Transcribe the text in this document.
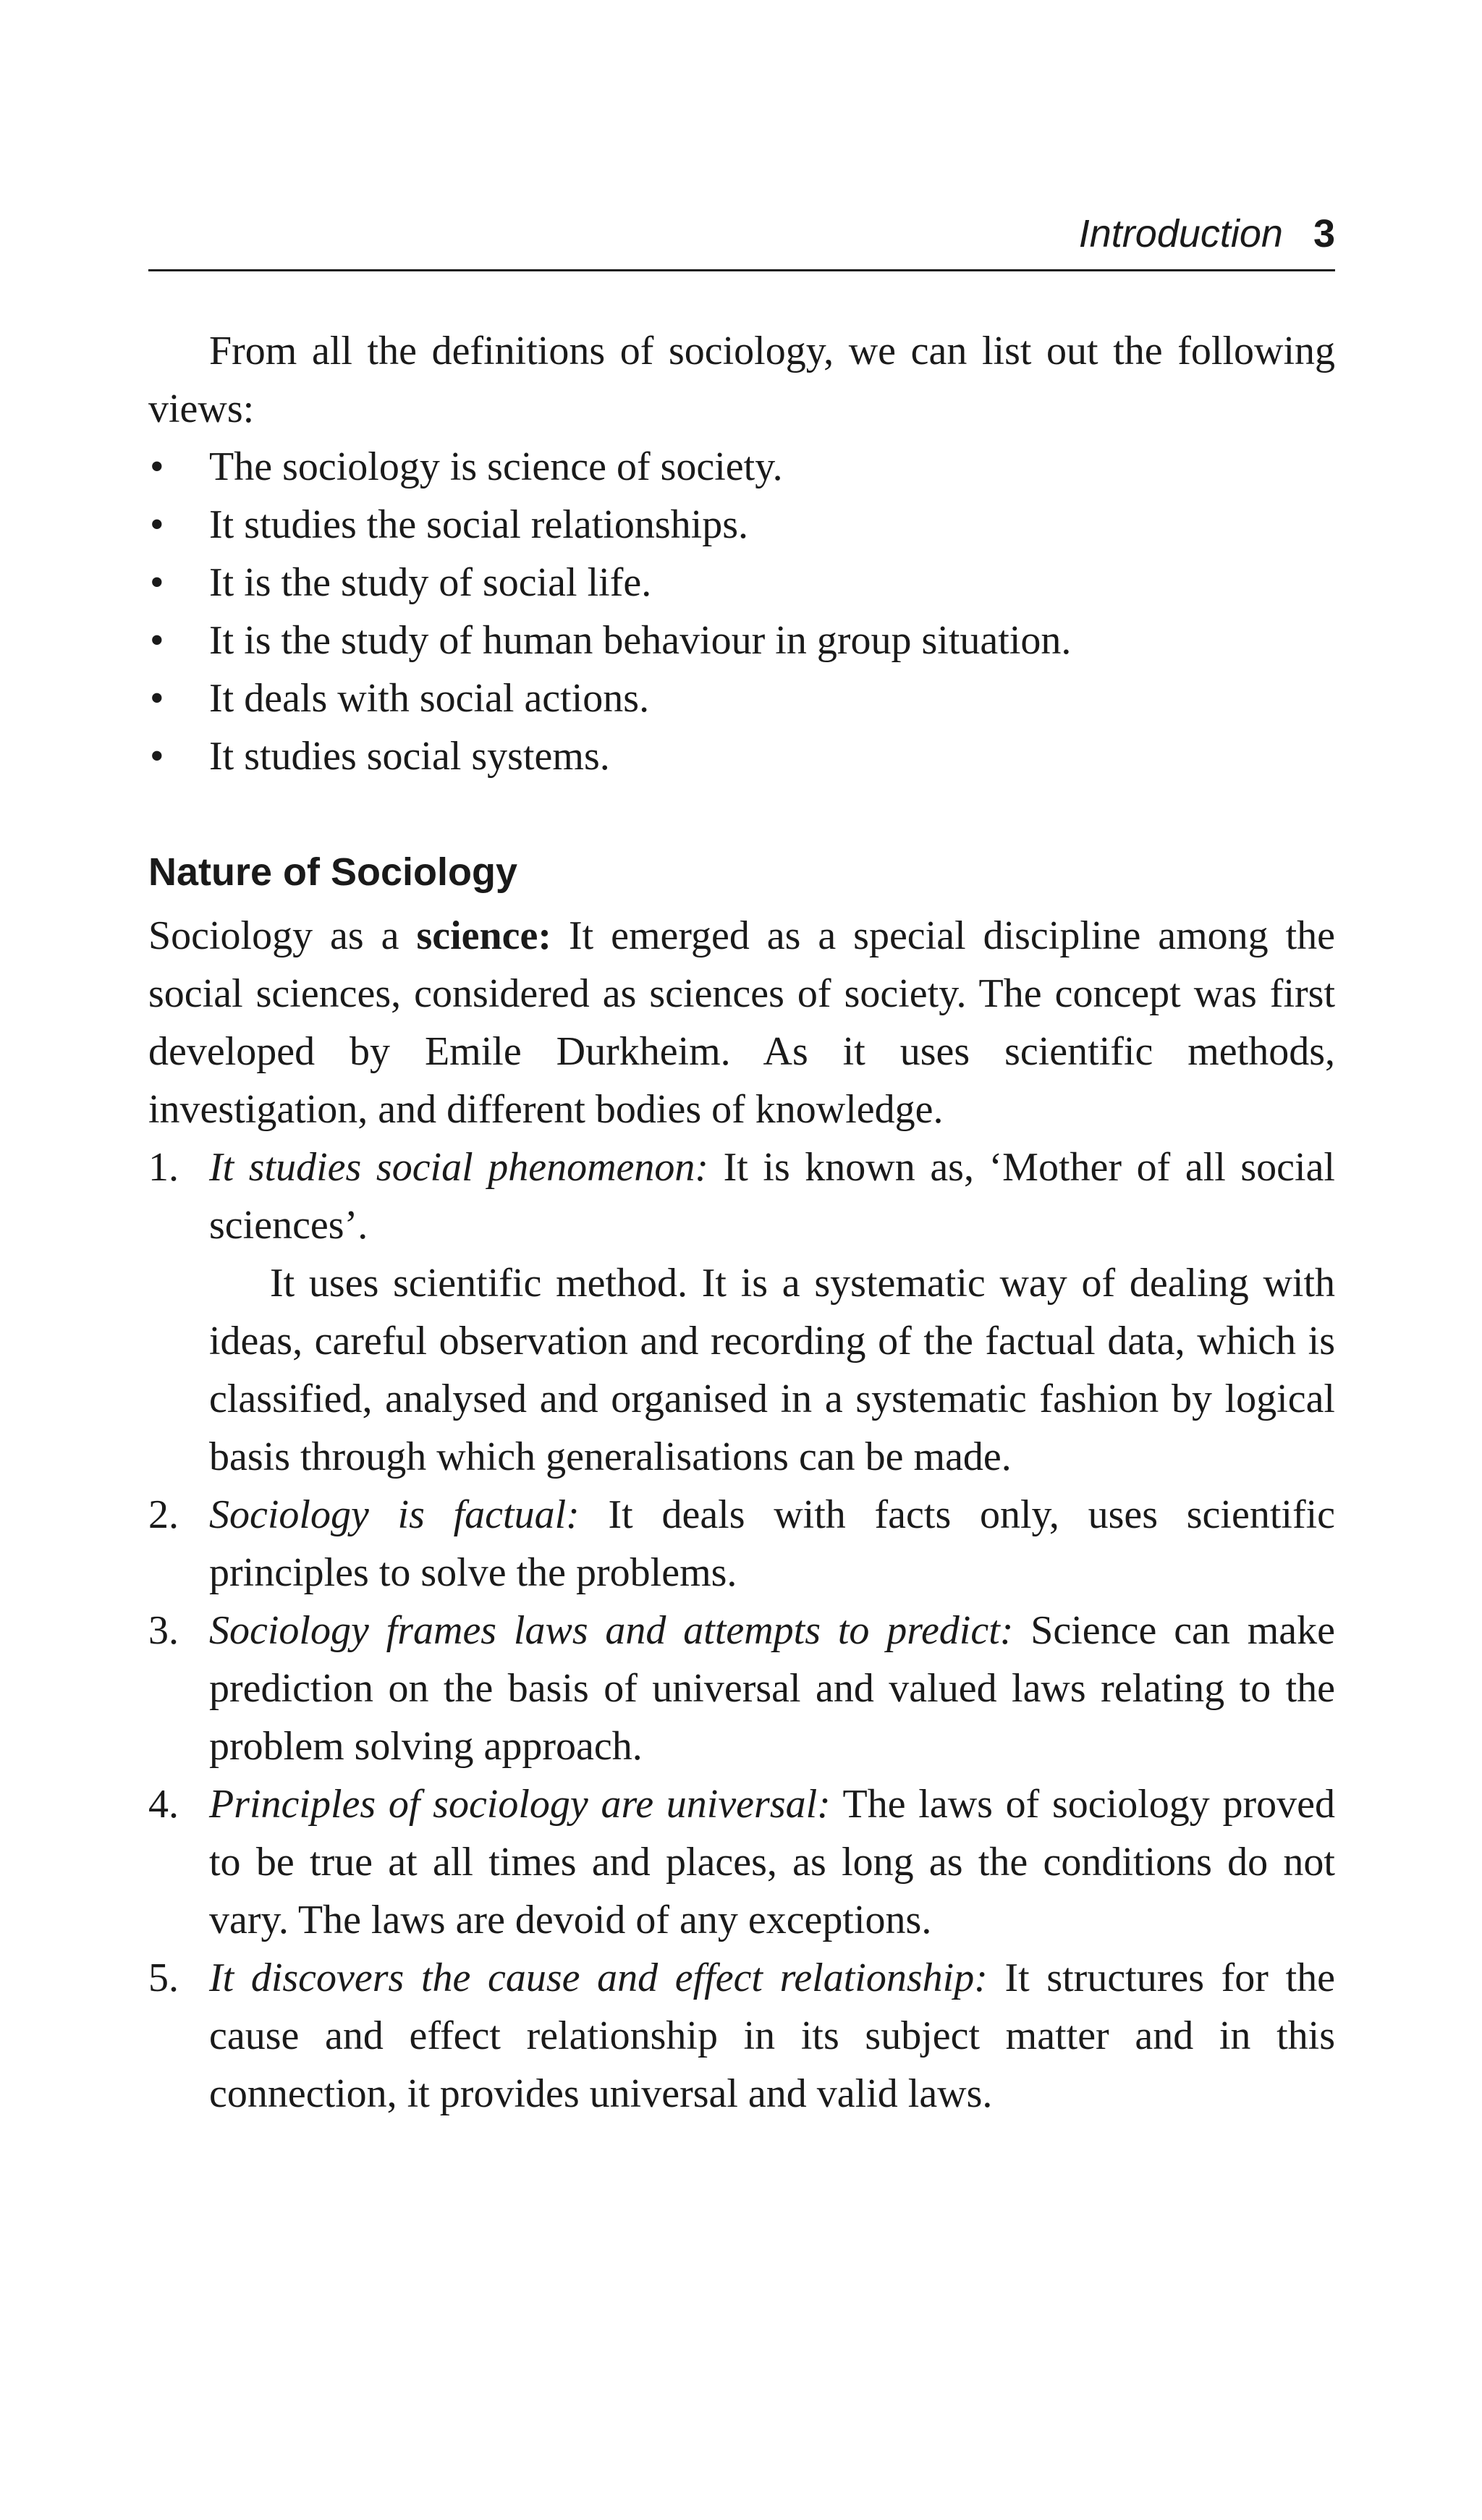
Introduction 3

From all the definitions of sociology, we can list out the following views:

• The sociology is science of society.
• It studies the social relationships.
• It is the study of social life.
• It is the study of human behaviour in group situation.
• It deals with social actions.
• It studies social systems.
Nature of Sociology

Sociology as a science: It emerged as a special discipline among the social sciences, considered as sciences of society. The concept was first developed by Emile Durkheim. As it uses scientific methods, investigation, and different bodies of knowledge.

1. It studies social phenomenon: It is known as, ‘Mother of all social sciences’.

It uses scientific method. It is a systematic way of dealing with ideas, careful observation and recording of the factual data, which is classified, analysed and organised in a systematic fashion by logical basis through which generalisations can be made.

2. Sociology is factual: It deals with facts only, uses scientific principles to solve the problems.
3. Sociology frames laws and attempts to predict: Science can make prediction on the basis of universal and valued laws relating to the problem solving approach.
4. Principles of sociology are universal: The laws of sociology proved to be true at all times and places, as long as the conditions do not vary. The laws are devoid of any exceptions.
5. It discovers the cause and effect relationship: It structures for the cause and effect relationship in its subject matter and in this connection, it provides universal and valid laws.
